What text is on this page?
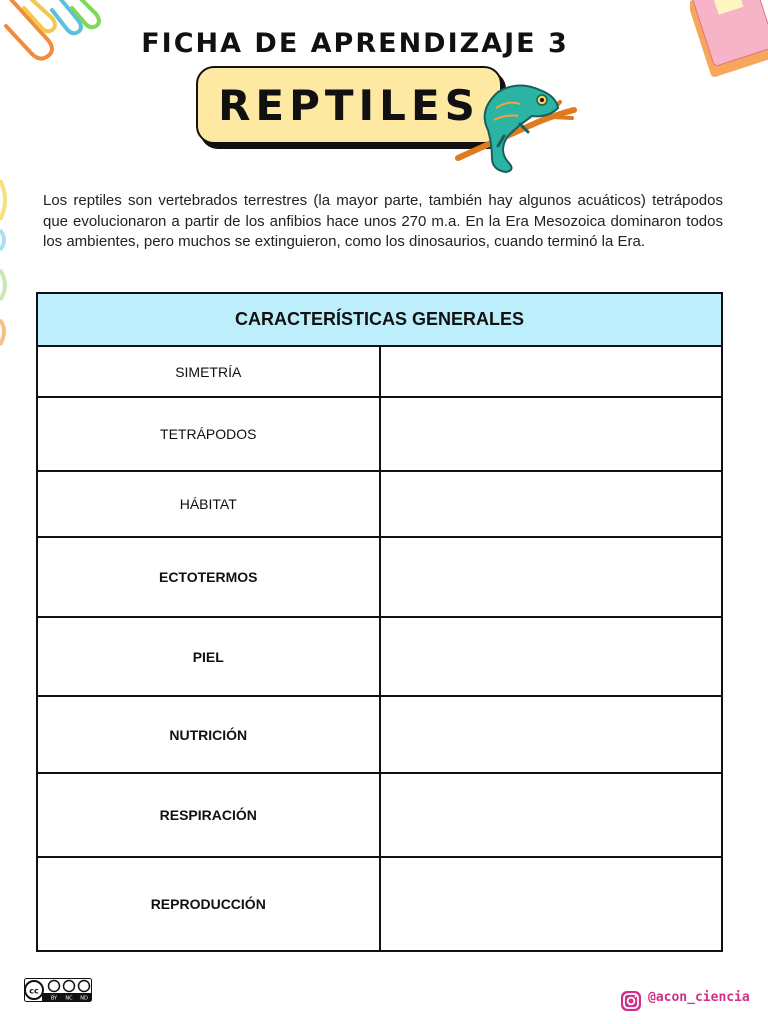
FICHA DE APRENDIZAJE 3
REPTILES
Los reptiles son vertebrados terrestres (la mayor parte, también hay algunos acuáticos) tetrápodos que evolucionaron a partir de los anfibios hace unos 270 m.a. En la Era Mesozoica dominaron todos los ambientes, pero muchos se extinguieron, como los dinosaurios, cuando terminó la Era.
CARACTERÍSTICAS GENERALES	
SIMETRÍA	
TETRÁPODOS	
HÁBITAT	
ECTOTERMOS	
PIEL	
NUTRICIÓN	
RESPIRACIÓN	
REPRODUCCIÓN	
cc
BY NC ND	@acon_ciencia
